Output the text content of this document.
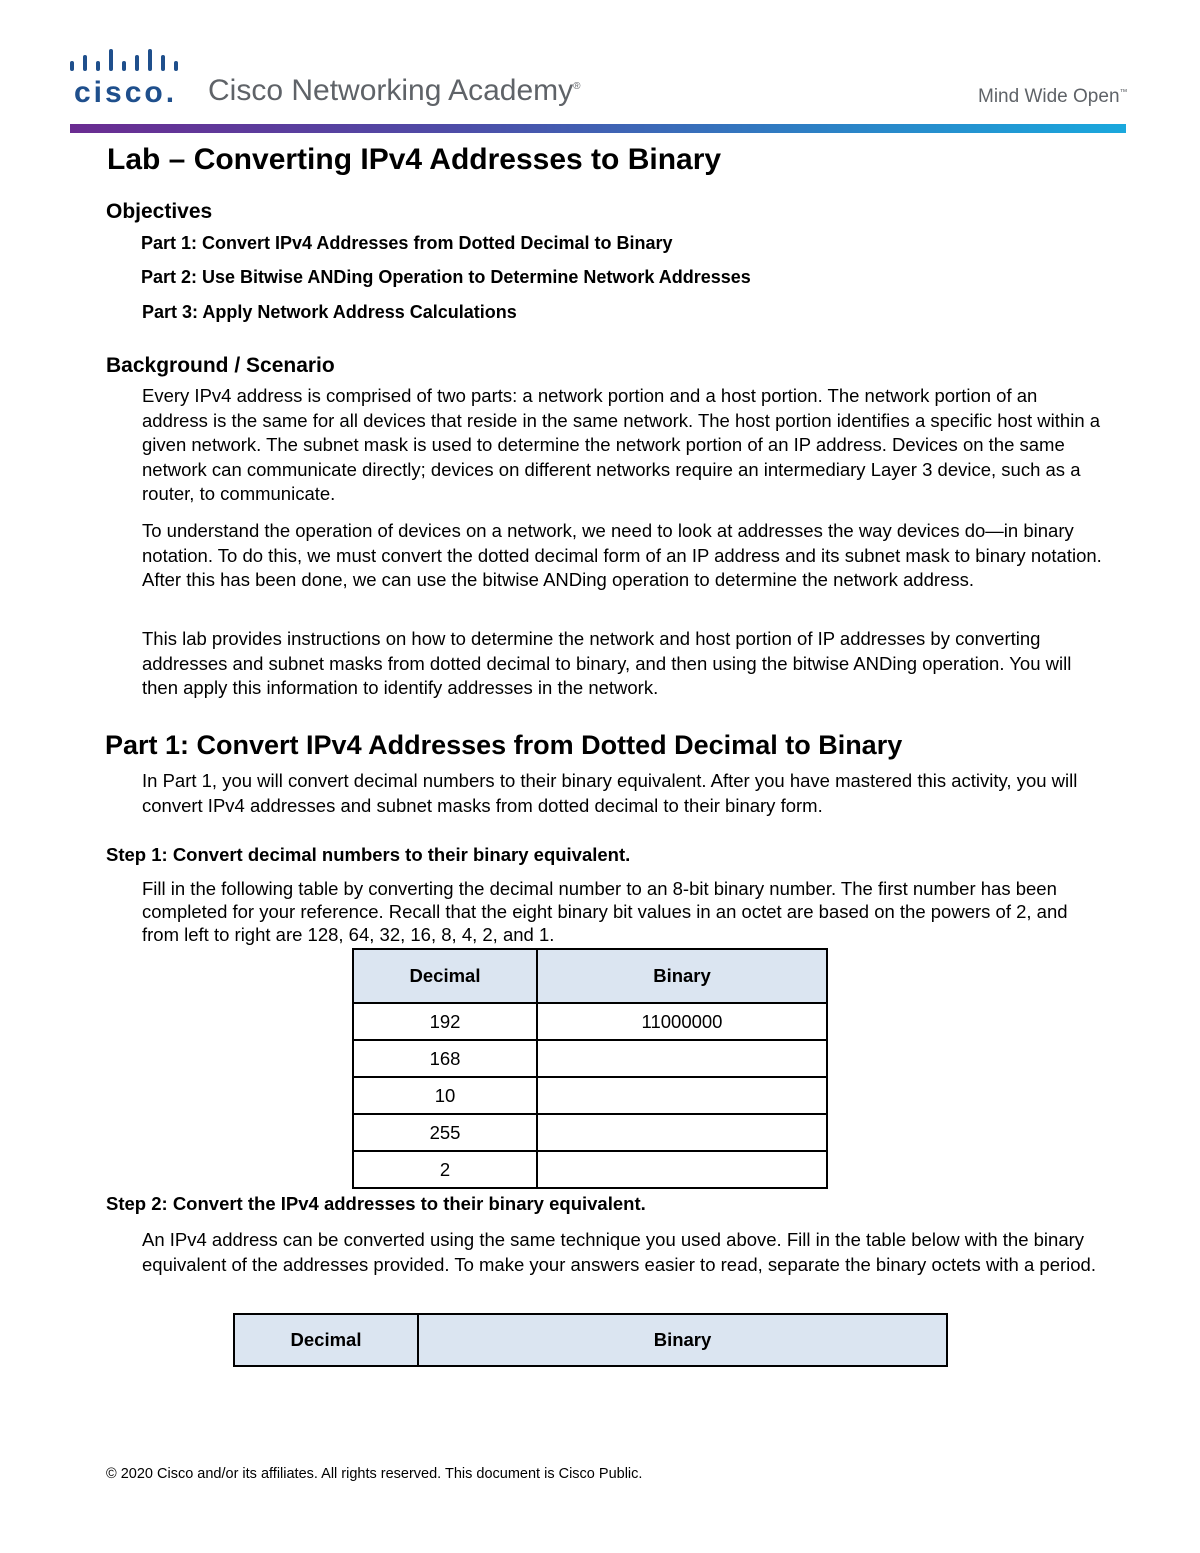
cisco. Cisco Networking Academy®	Mind Wide Open™
Lab – Converting IPv4 Addresses to Binary
Objectives
Part 1: Convert IPv4 Addresses from Dotted Decimal to Binary
Part 2: Use Bitwise ANDing Operation to Determine Network Addresses
Part 3: Apply Network Address Calculations
Background / Scenario
Every IPv4 address is comprised of two parts: a network portion and a host portion. The network portion of an address is the same for all devices that reside in the same network. The host portion identifies a specific host within a given network. The subnet mask is used to determine the network portion of an IP address. Devices on the same network can communicate directly; devices on different networks require an intermediary Layer 3 device, such as a router, to communicate.
To understand the operation of devices on a network, we need to look at addresses the way devices do—in binary notation. To do this, we must convert the dotted decimal form of an IP address and its subnet mask to binary notation. After this has been done, we can use the bitwise ANDing operation to determine the network address.
This lab provides instructions on how to determine the network and host portion of IP addresses by converting addresses and subnet masks from dotted decimal to binary, and then using the bitwise ANDing operation. You will then apply this information to identify addresses in the network.
Part 1: Convert IPv4 Addresses from Dotted Decimal to Binary
In Part 1, you will convert decimal numbers to their binary equivalent. After you have mastered this activity, you will convert IPv4 addresses and subnet masks from dotted decimal to their binary form.
Step 1: Convert decimal numbers to their binary equivalent.
Fill in the following table by converting the decimal number to an 8-bit binary number. The first number has been completed for your reference. Recall that the eight binary bit values in an octet are based on the powers of 2, and from left to right are 128, 64, 32, 16, 8, 4, 2, and 1.
Decimal	Binary
192	11000000
168	
10	
255	
2	
Step 2: Convert the IPv4 addresses to their binary equivalent.
An IPv4 address can be converted using the same technique you used above. Fill in the table below with the binary equivalent of the addresses provided. To make your answers easier to read, separate the binary octets with a period.
Decimal	Binary
© 2020 Cisco and/or its affiliates. All rights reserved. This document is Cisco Public.
